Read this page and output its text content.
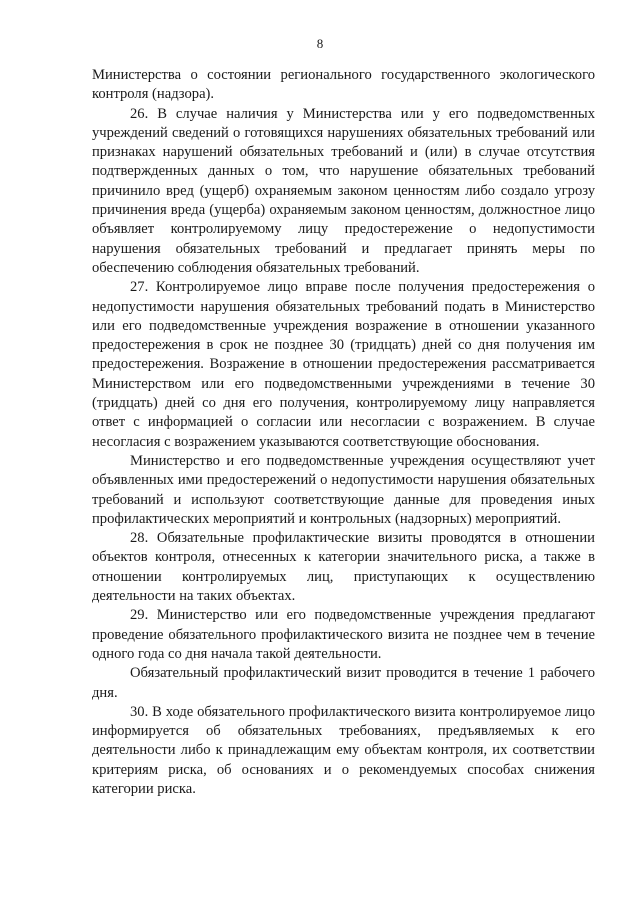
8

Министерства о состоянии регионального государственного экологического контроля (надзора).

26. В случае наличия у Министерства или у его подведомственных учреждений сведений о готовящихся нарушениях обязательных требований или признаках нарушений обязательных требований и (или) в случае отсутствия подтвержденных данных о том, что нарушение обязательных требований причинило вред (ущерб) охраняемым законом ценностям либо создало угрозу причинения вреда (ущерба) охраняемым законом ценностям, должностное лицо объявляет контролируемому лицу предостережение о недопустимости нарушения обязательных требований и предлагает принять меры по обеспечению соблюдения обязательных требований.

27. Контролируемое лицо вправе после получения предостережения о недопустимости нарушения обязательных требований подать в Министерство или его подведомственные учреждения возражение в отношении указанного предостережения в срок не позднее 30 (тридцать) дней со дня получения им предостережения. Возражение в отношении предостережения рассматривается Министерством или его подведомственными учреждениями в течение 30 (тридцать) дней со дня его получения, контролируемому лицу направляется ответ с информацией о согласии или несогласии с возражением. В случае несогласия с возражением указываются соответствующие обоснования.

Министерство и его подведомственные учреждения осуществляют учет объявленных ими предостережений о недопустимости нарушения обязательных требований и используют соответствующие данные для проведения иных профилактических мероприятий и контрольных (надзорных) мероприятий.

28. Обязательные профилактические визиты проводятся в отношении объектов контроля, отнесенных к категории значительного риска, а также в отношении контролируемых лиц, приступающих к осуществлению деятельности на таких объектах.

29. Министерство или его подведомственные учреждения предлагают проведение обязательного профилактического визита не позднее чем в течение одного года со дня начала такой деятельности.

Обязательный профилактический визит проводится в течение 1 рабочего дня.

30. В ходе обязательного профилактического визита контролируемое лицо информируется об обязательных требованиях, предъявляемых к его деятельности либо к принадлежащим ему объектам контроля, их соответствии критериям риска, об основаниях и о рекомендуемых способах снижения категории риска.
